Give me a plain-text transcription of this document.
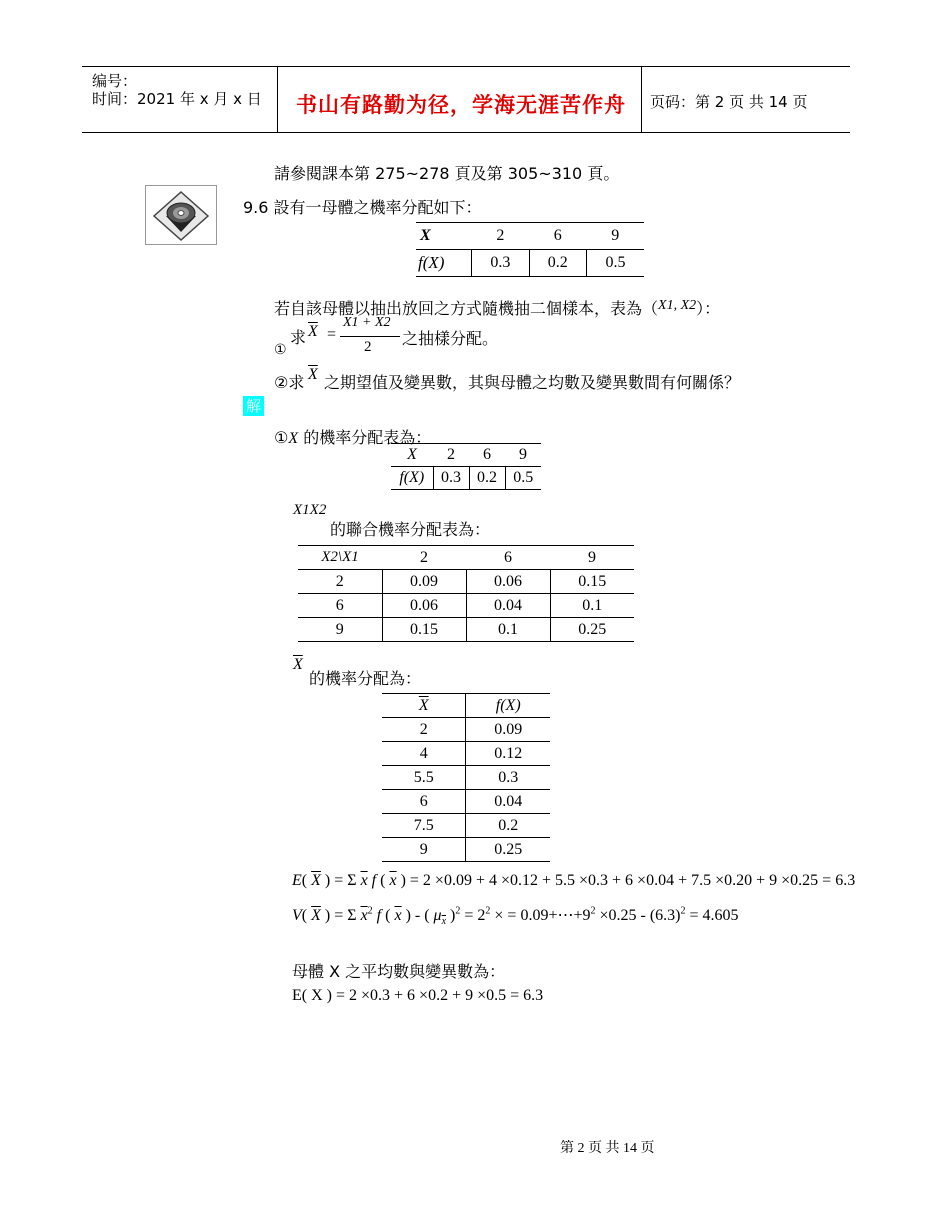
编号：
时间：2021 年 x 月 x 日 书山有路勤为径，学海无涯苦作舟 页码：第 2 页 共 14 页
請參閱課本第 275~278 頁及第 305~310 頁。
9.6 設有一母體之機率分配如下：
X	2	6	9
f(X)	0.3	0.2	0.5
若自該母體以抽出放回之方式隨機抽二個樣本，表為（X1, X2）：
①
求 $\overline{X}$ =
X1 + X2
2 之抽樣分配。
②求 $\overline{X}$ 之期望值及變異數，其與母體之均數及變異數間有何關係？
解
①X 的機率分配表為：
X	2	6	9
f(X)	0.3	0.2	0.5
X1X2
的聯合機率分配表為：
X2\X1	2	6	9
2	0.09	0.06	0.15
6	0.06	0.04	0.1
9	0.15	0.1	0.25
$\overline{X}$
的機率分配為：
$\overline{X}$	f(X)
2	0.09
4	0.12
5.5	0.3
6	0.04
7.5	0.2
9	0.25
E( $\overline{X}$ ) = Σ $\overline{x}$ f ( $\overline{x}$ ) = 2 ×0.09 + 4 ×0.12 + 5.5 ×0.3 + 6 ×0.04 + 7.5 ×0.20 + 9 ×0.25 = 6.3
V( $\overline{X}$ ) = Σ $\overline{x}^2$ f ( $\overline{x}$ ) - ( $\mu_{\overline{x}}$ )$^2 = 2^2$ × = $0.09+\cdots+9^2 \times 0.25 - (6.3)^2 = 4.605$
母體 X 之平均數與變異數為：
E( X ) = 2 ×0.3 + 6 ×0.2 + 9 ×0.5 = 6.3
第 2 页 共 14 页
